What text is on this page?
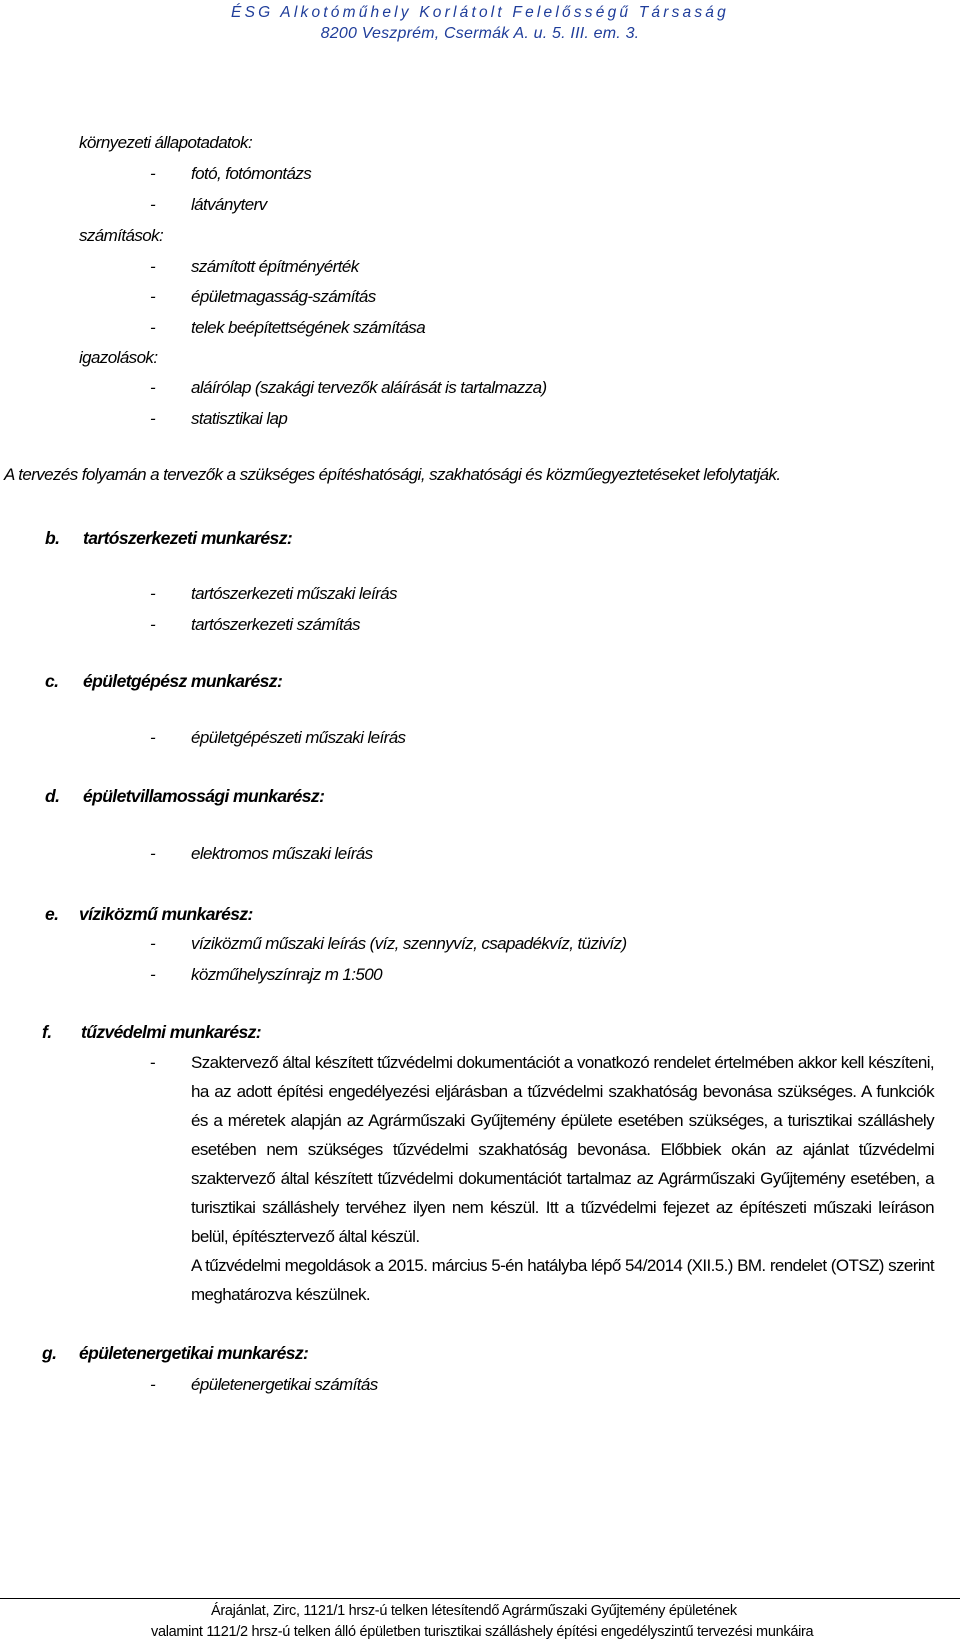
ÉSG Alkotóműhely Korlátolt Felelősségű Társaság
8200 Veszprém, Csermák A. u. 5. III. em. 3.
környezeti állapotadatok:
- fotó, fotómontázs
- látványterv
számítások:
- számított építményérték
- épületmagasság-számítás
- telek beépítettségének számítása
igazolások:
- aláírólap (szakági tervezők aláírását is tartalmazza)
- statisztikai lap
A tervezés folyamán a tervezők a szükséges építéshatósági, szakhatósági és közműegyeztetéseket lefolytatják.
b. tartószerkezeti munkarész:
- tartószerkezeti műszaki leírás
- tartószerkezeti számítás
c. épületgépész munkarész:
- épületgépészeti műszaki leírás
d. épületvillamossági munkarész:
- elektromos műszaki leírás
e. víziközmű munkarész:
- víziközmű műszaki leírás (víz, szennyvíz, csapadékvíz, tüzivíz)
- közműhelyszínrajz m 1:500
f. tűzvédelmi munkarész:
- Szaktervező által készített tűzvédelmi dokumentációt a vonatkozó rendelet értelmében akkor kell készíteni, ha az adott építési engedélyezési eljárásban a tűzvédelmi szakhatóság bevonása szükséges. A funkciók és a méretek alapján az Agrárműszaki Gyűjtemény épülete esetében szükséges, a turisztikai szálláshely esetében nem szükséges tűzvédelmi szakhatóság bevonása. Előbbiek okán az ajánlat tűzvédelmi szaktervező által készített tűzvédelmi dokumentációt tartalmaz az Agrárműszaki Gyűjtemény esetében, a turisztikai szálláshely tervéhez ilyen nem készül. Itt a tűzvédelmi fejezet az építészeti műszaki leíráson belül, építésztervező által készül.

A tűzvédelmi megoldások a 2015. március 5-én hatályba lépő 54/2014 (XII.5.) BM. rendelet (OTSZ) szerint meghatározva készülnek.

g. épületenergetikai munkarész:
- épületenergetikai számítás
Árajánlat, Zirc, 1121/1 hrsz-ú telken létesítendő Agrárműszaki Gyűjtemény épületének
valamint 1121/2 hrsz-ú telken álló épületben turisztikai szálláshely építési engedélyszintű tervezési munkáira
